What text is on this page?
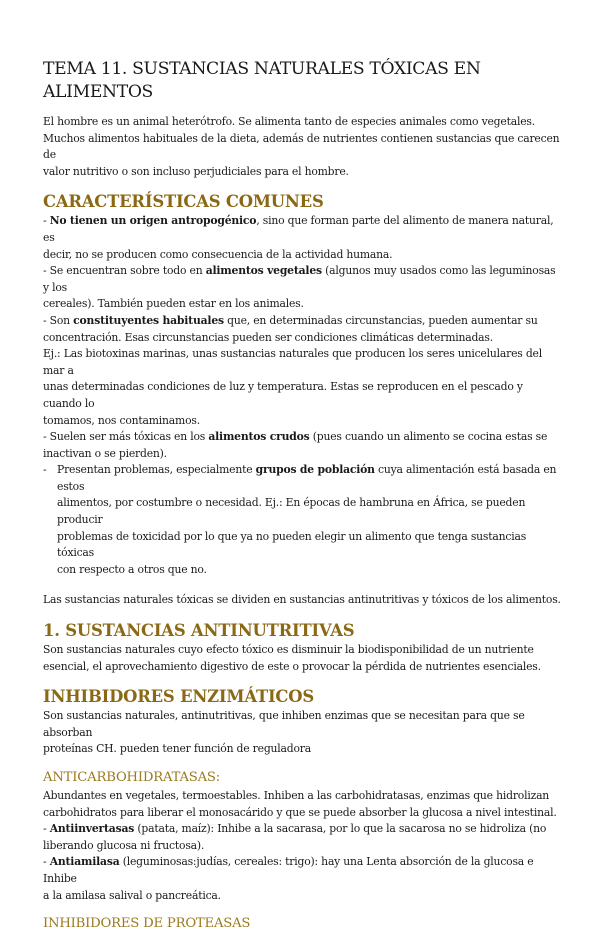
TEMA 11. SUSTANCIAS NATURALES TÓXICAS EN
ALIMENTOS
El hombre es un animal heterótrofo. Se alimenta tanto de especies animales como vegetales.
Muchos alimentos habituales de la dieta, además de nutrientes contienen sustancias que carecen de
valor nutritivo o son incluso perjudiciales para el hombre.
CARACTERÍSTICAS COMUNES
- No tienen un origen antropogénico, sino que forman parte del alimento de manera natural, es
decir, no se producen como consecuencia de la actividad humana.
- Se encuentran sobre todo en alimentos vegetales (algunos muy usados como las leguminosas y los
cereales). También pueden estar en los animales.
- Son constituyentes habituales que, en determinadas circunstancias, pueden aumentar su
concentración. Esas circunstancias pueden ser condiciones climáticas determinadas.
Ej.: Las biotoxinas marinas, unas sustancias naturales que producen los seres unicelulares del mar a
unas determinadas condiciones de luz y temperatura. Estas se reproducen en el pescado y cuando lo
tomamos, nos contaminamos.
- Suelen ser más tóxicas en los alimentos crudos (pues cuando un alimento se cocina estas se
inactivan o se pierden).
- Presentan problemas, especialmente grupos de población cuya alimentación está basada en estos
alimentos, por costumbre o necesidad. Ej.: En épocas de hambruna en África, se pueden producir
problemas de toxicidad por lo que ya no pueden elegir un alimento que tenga sustancias tóxicas
con respecto a otros que no.
Las sustancias naturales tóxicas se dividen en sustancias antinutritivas y tóxicos de los alimentos.
1. SUSTANCIAS ANTINUTRITIVAS
Son sustancias naturales cuyo efecto tóxico es disminuir la biodisponibilidad de un nutriente
esencial, el aprovechamiento digestivo de este o provocar la pérdida de nutrientes esenciales.
INHIBIDORES ENZIMÁTICOS
Son sustancias naturales, antinutritivas, que inhiben enzimas que se necesitan para que se absorban
proteínas CH. pueden tener función de reguladora
ANTICARBOHIDRATASAS:
Abundantes en vegetales, termoestables. Inhiben a las carbohidratasas, enzimas que hidrolizan
carbohidratos para liberar el monosacárido y que se puede absorber la glucosa a nivel intestinal.
- Antiinvertasas (patata, maíz): Inhibe a la sacarasa, por lo que la sacarosa no se hidroliza (no
liberando glucosa ni fructosa).
- Antiamilasa (leguminosas:judías, cereales: trigo): hay una Lenta absorción de la glucosa e Inhibe
a la amilasa salival o pancreática.
INHIBIDORES DE PROTEASAS
